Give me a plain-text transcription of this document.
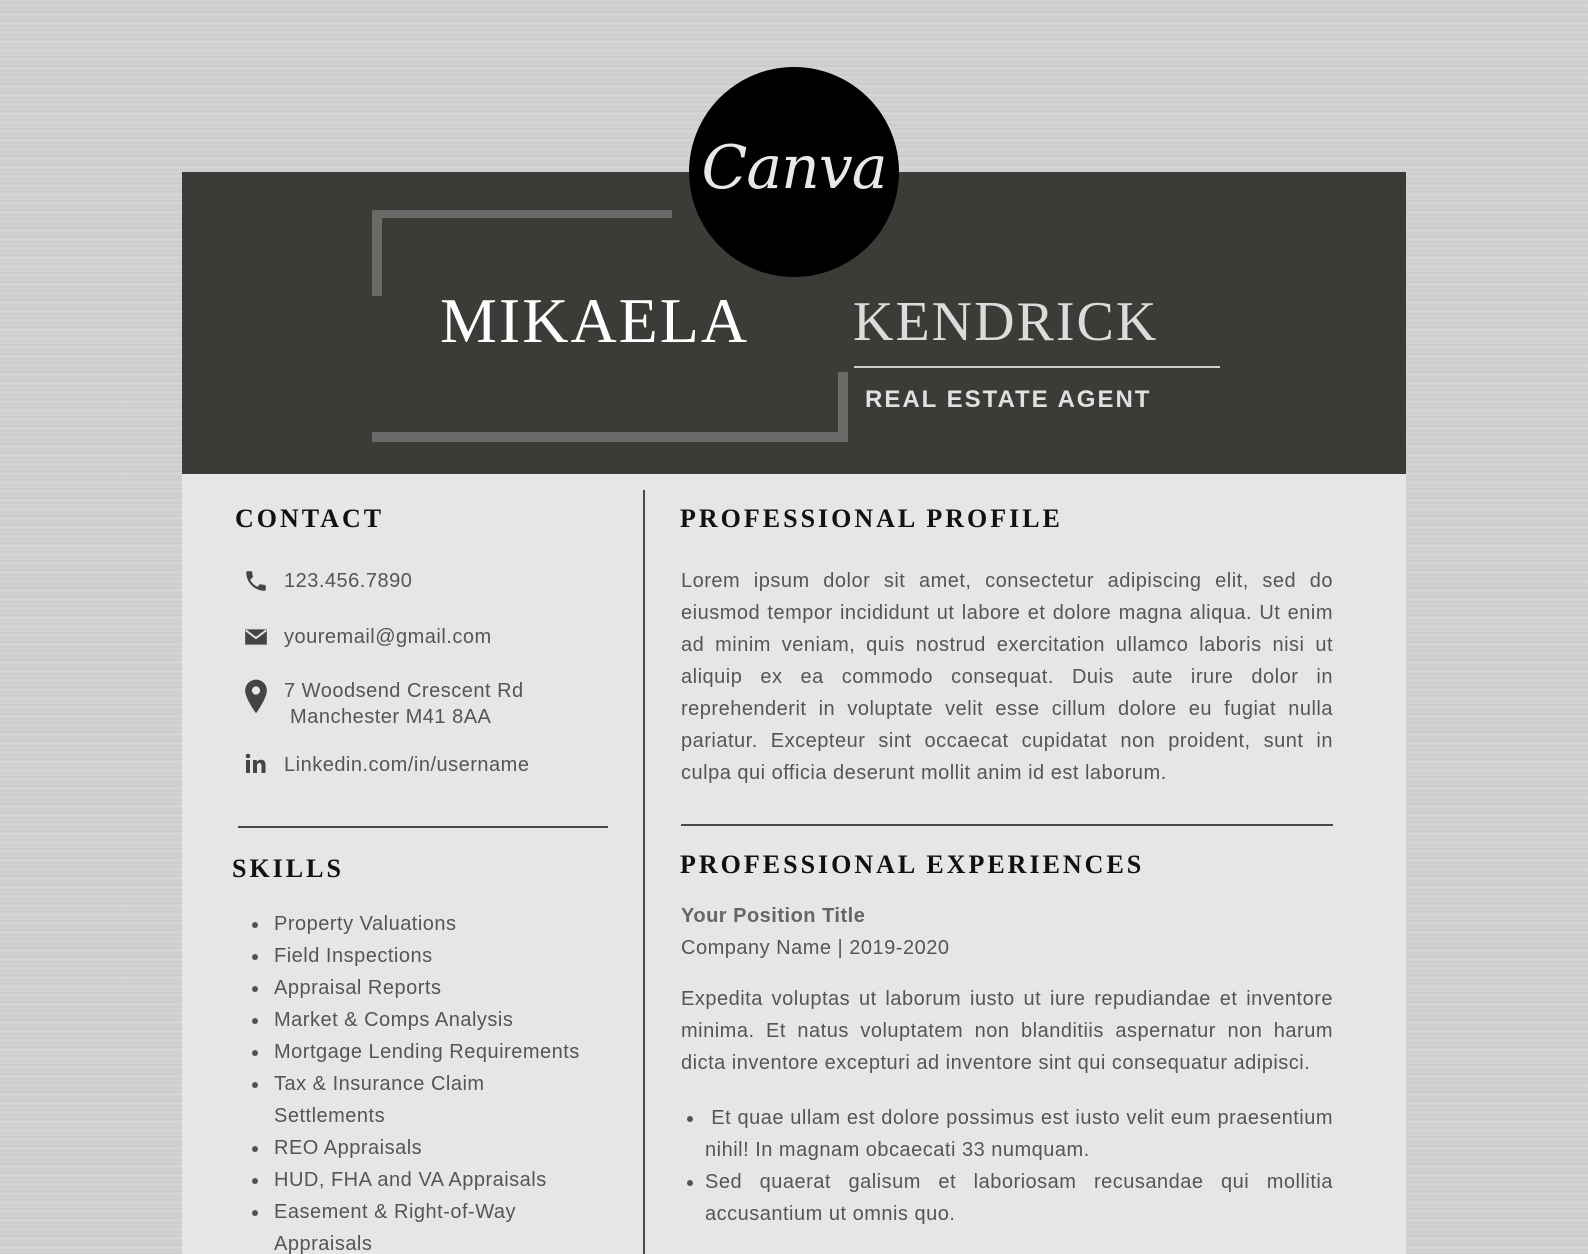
MIKAELA KENDRICK
REAL ESTATE AGENT
CONTACT
123.456.7890
youremail@gmail.com
7 Woodsend Crescent Rd
Manchester M41 8AA
Linkedin.com/in/username
SKILLS
• Property Valuations
• Field Inspections
• Appraisal Reports
• Market & Comps Analysis
• Mortgage Lending Requirements
• Tax & Insurance Claim Settlements
• REO Appraisals
• HUD, FHA and VA Appraisals
• Easement & Right-of-Way Appraisals
PROFESSIONAL PROFILE

Lorem ipsum dolor sit amet, consectetur adipiscing elit, sed do eiusmod tempor incididunt ut labore et dolore magna aliqua. Ut enim ad minim veniam, quis nostrud exercitation ullamco laboris nisi ut aliquip ex ea commodo consequat. Duis aute irure dolor in reprehenderit in voluptate velit esse cillum dolore eu fugiat nulla pariatur. Excepteur sint occaecat cupidatat non proident, sunt in culpa qui officia deserunt mollit anim id est laborum.

PROFESSIONAL EXPERIENCES
Your Position Title
Company Name | 2019-2020

Expedita voluptas ut laborum iusto ut iure repudiandae et inventore minima. Et natus voluptatem non blanditiis aspernatur non harum dicta inventore excepturi ad inventore sint qui consequatur adipisci.

•  Et quae ullam est dolore possimus est iusto velit eum praesentium nihil! In magnam obcaecati 33 numquam.
• Sed quaerat galisum et laboriosam recusandae qui mollitia accusantium ut omnis quo.
Canva
